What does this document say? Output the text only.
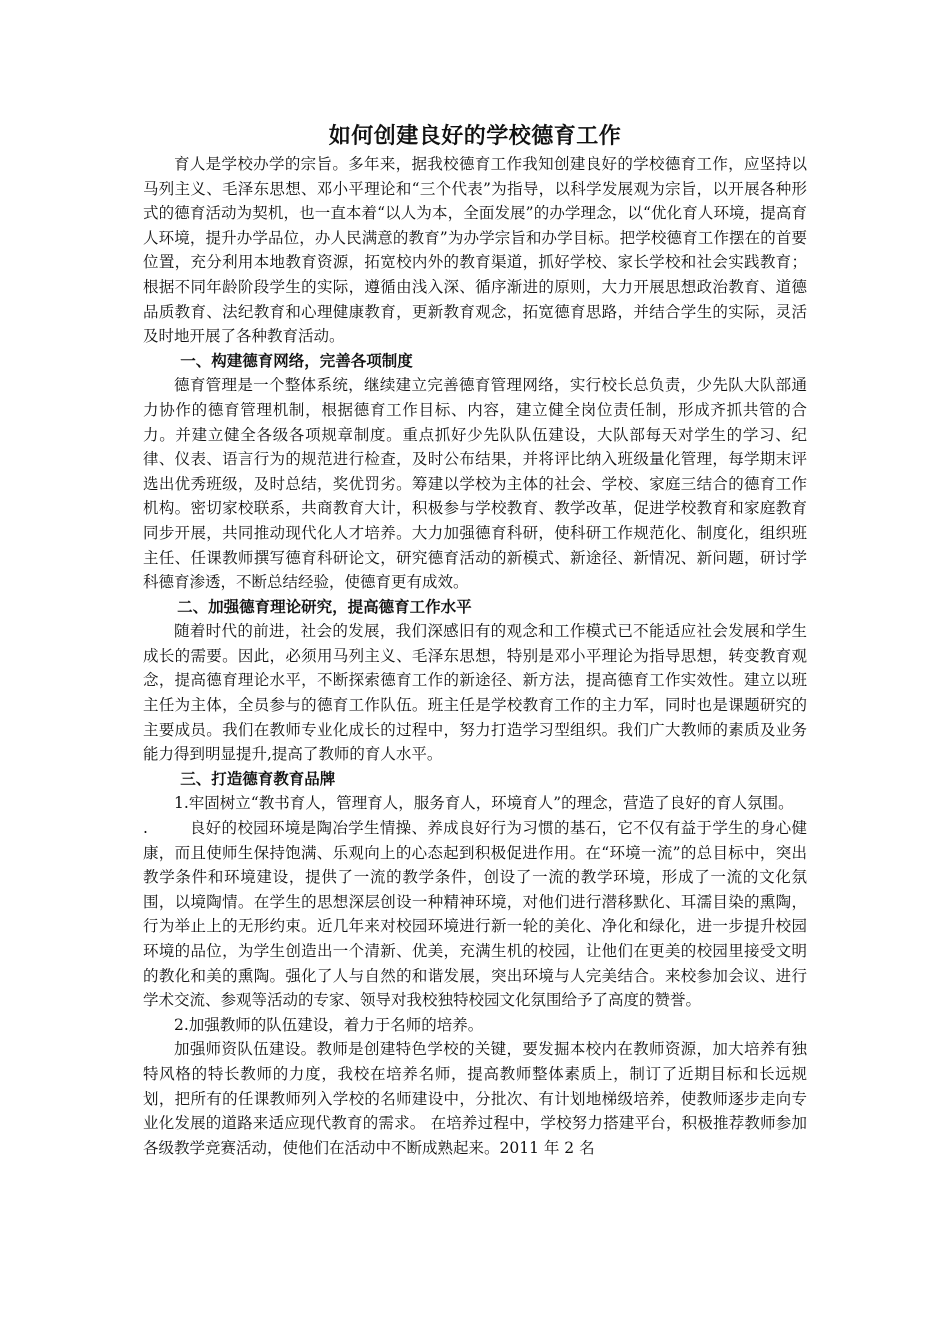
如何创建良好的学校德育工作

育人是学校办学的宗旨。多年来，据我校德育工作我知创建良好的学校德育工作，应坚持以马列主义、毛泽东思想、邓小平理论和“三个代表”为指导，以科学发展观为宗旨，以开展各种形式的德育活动为契机，也一直本着“以人为本，全面发展”的办学理念，以“优化育人环境，提高育人环境，提升办学品位，办人民满意的教育”为办学宗旨和办学目标。把学校德育工作摆在的首要位置，充分利用本地教育资源，拓宽校内外的教育渠道，抓好学校、家长学校和社会实践教育；根据不同年龄阶段学生的实际，遵循由浅入深、循序渐进的原则，大力开展思想政治教育、道德品质教育、法纪教育和心理健康教育，更新教育观念，拓宽德育思路，并结合学生的实际，灵活及时地开展了各种教育活动。

一、构建德育网络，完善各项制度

德育管理是一个整体系统，继续建立完善德育管理网络，实行校长总负责，少先队大队部通力协作的德育管理机制，根据德育工作目标、内容，建立健全岗位责任制，形成齐抓共管的合力。并建立健全各级各项规章制度。重点抓好少先队队伍建设，大队部每天对学生的学习、纪律、仪表、语言行为的规范进行检查，及时公布结果，并将评比纳入班级量化管理，每学期末评选出优秀班级，及时总结，奖优罚劣。筹建以学校为主体的社会、学校、家庭三结合的德育工作机构。密切家校联系，共商教育大计，积极参与学校教育、教学改革，促进学校教育和家庭教育同步开展，共同推动现代化人才培养。大力加强德育科研，使科研工作规范化、制度化，组织班主任、任课教师撰写德育科研论文，研究德育活动的新模式、新途径、新情况、新问题，研讨学科德育渗透，不断总结经验，使德育更有成效。

二、加强德育理论研究，提高德育工作水平

随着时代的前进，社会的发展，我们深感旧有的观念和工作模式已不能适应社会发展和学生成长的需要。因此，必须用马列主义、毛泽东思想，特别是邓小平理论为指导思想，转变教育观念，提高德育理论水平，不断探索德育工作的新途径、新方法，提高德育工作实效性。建立以班主任为主体，全员参与的德育工作队伍。班主任是学校教育工作的主力军，同时也是课题研究的主要成员。我们在教师专业化成长的过程中，努力打造学习型组织。我们广大教师的素质及业务能力得到明显提升,提高了教师的育人水平。

三、打造德育教育品牌

1.牢固树立“教书育人，管理育人，服务育人，环境育人”的理念，营造了良好的育人氛围。

.	良好的校园环境是陶冶学生情操、养成良好行为习惯的基石，它不仅有益于学生的身心健康，而且使师生保持饱满、乐观向上的心态起到积极促进作用。在“环境一流”的总目标中，突出教学条件和环境建设，提供了一流的教学条件，创设了一流的教学环境，形成了一流的文化氛围，以境陶情。在学生的思想深层创设一种精神环境，对他们进行潜移默化、耳濡目染的熏陶，行为举止上的无形约束。近几年来对校园环境进行新一轮的美化、净化和绿化，进一步提升校园环境的品位，为学生创造出一个清新、优美，充满生机的校园，让他们在更美的校园里接受文明的教化和美的熏陶。强化了人与自然的和谐发展，突出环境与人完美结合。来校参加会议、进行学术交流、参观等活动的专家、领导对我校独特校园文化氛围给予了高度的赞誉。

2.加强教师的队伍建设，着力于名师的培养。

加强师资队伍建设。教师是创建特色学校的关键，要发掘本校内在教师资源，加大培养有独特风格的特长教师的力度，我校在培养名师，提高教师整体素质上，制订了近期目标和长远规划，把所有的任课教师列入学校的名师建设中，分批次、有计划地梯级培养，使教师逐步走向专业化发展的道路来适应现代教育的需求。 在培养过程中，学校努力搭建平台，积极推荐教师参加各级教学竞赛活动，使他们在活动中不断成熟起来。2011 年 2 名
